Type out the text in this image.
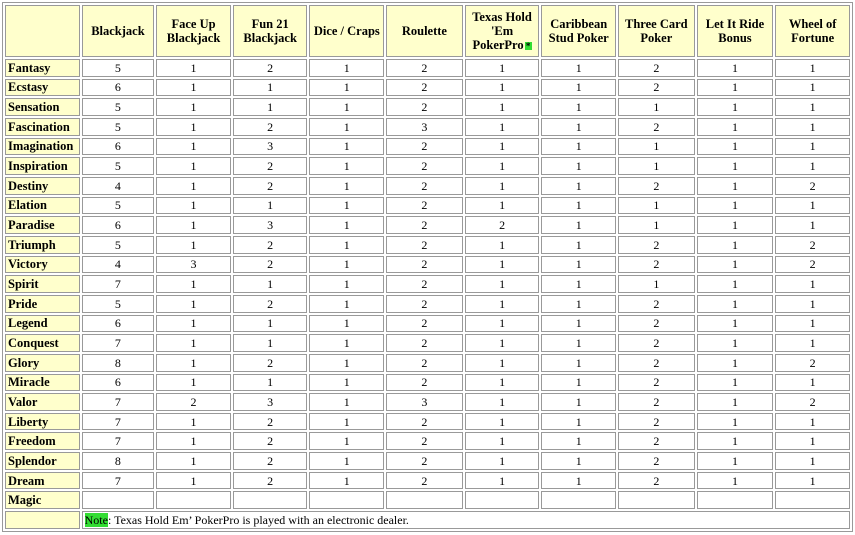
	Blackjack	Face Up Blackjack	Fun 21 Blackjack	Dice / Craps	Roulette	Texas Hold 'Em PokerPro *	Caribbean Stud Poker	Three Card Poker	Let It Ride Bonus	Wheel of Fortune
Fantasy	5	1	2	1	2	1	1	2	1	1
Ecstasy	6	1	1	1	2	1	1	2	1	1
Sensation	5	1	1	1	2	1	1	1	1	1
Fascination	5	1	2	1	3	1	1	2	1	1
Imagination	6	1	3	1	2	1	1	1	1	1
Inspiration	5	1	2	1	2	1	1	1	1	1
Destiny	4	1	2	1	2	1	1	2	1	2
Elation	5	1	1	1	2	1	1	1	1	1
Paradise	6	1	3	1	2	2	1	1	1	1
Triumph	5	1	2	1	2	1	1	2	1	2
Victory	4	3	2	1	2	1	1	2	1	2
Spirit	7	1	1	1	2	1	1	1	1	1
Pride	5	1	2	1	2	1	1	2	1	1
Legend	6	1	1	1	2	1	1	2	1	1
Conquest	7	1	1	1	2	1	1	2	1	1
Glory	8	1	2	1	2	1	1	2	1	2
Miracle	6	1	1	1	2	1	1	2	1	1
Valor	7	2	3	1	3	1	1	2	1	2
Liberty	7	1	2	1	2	1	1	2	1	1
Freedom	7	1	2	1	2	1	1	2	1	1
Splendor	8	1	2	1	2	1	1	2	1	1
Dream	7	1	2	1	2	1	1	2	1	1
Magic										
	Note: Texas Hold Em’ PokerPro is played with an electronic dealer.									
